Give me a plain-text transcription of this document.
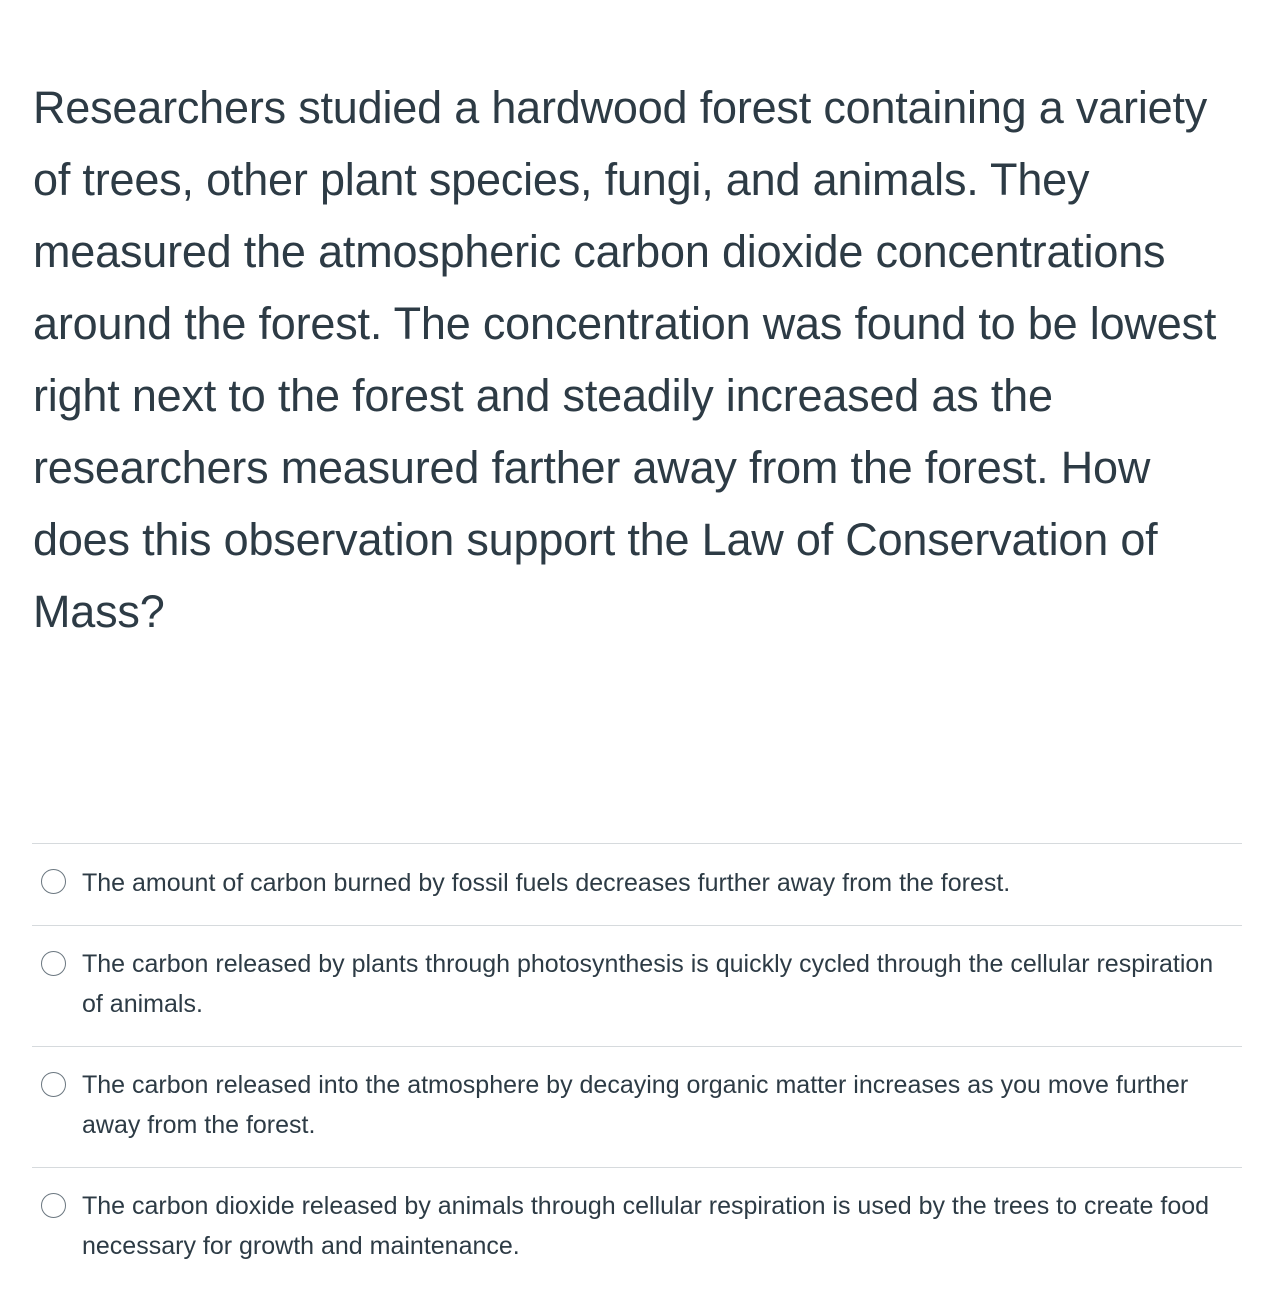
Researchers studied a hardwood forest containing a variety of trees, other plant species, fungi, and animals. They measured the atmospheric carbon dioxide concentrations around the forest. The concentration was found to be lowest right next to the forest and steadily increased as the researchers measured farther away from the forest. How does this observation support the Law of Conservation of Mass?

The amount of carbon burned by fossil fuels decreases further away from the forest.
The carbon released by plants through photosynthesis is quickly cycled through the cellular respiration of animals.
The carbon released into the atmosphere by decaying organic matter increases as you move further away from the forest.
The carbon dioxide released by animals through cellular respiration is used by the trees to create food necessary for growth and maintenance.
